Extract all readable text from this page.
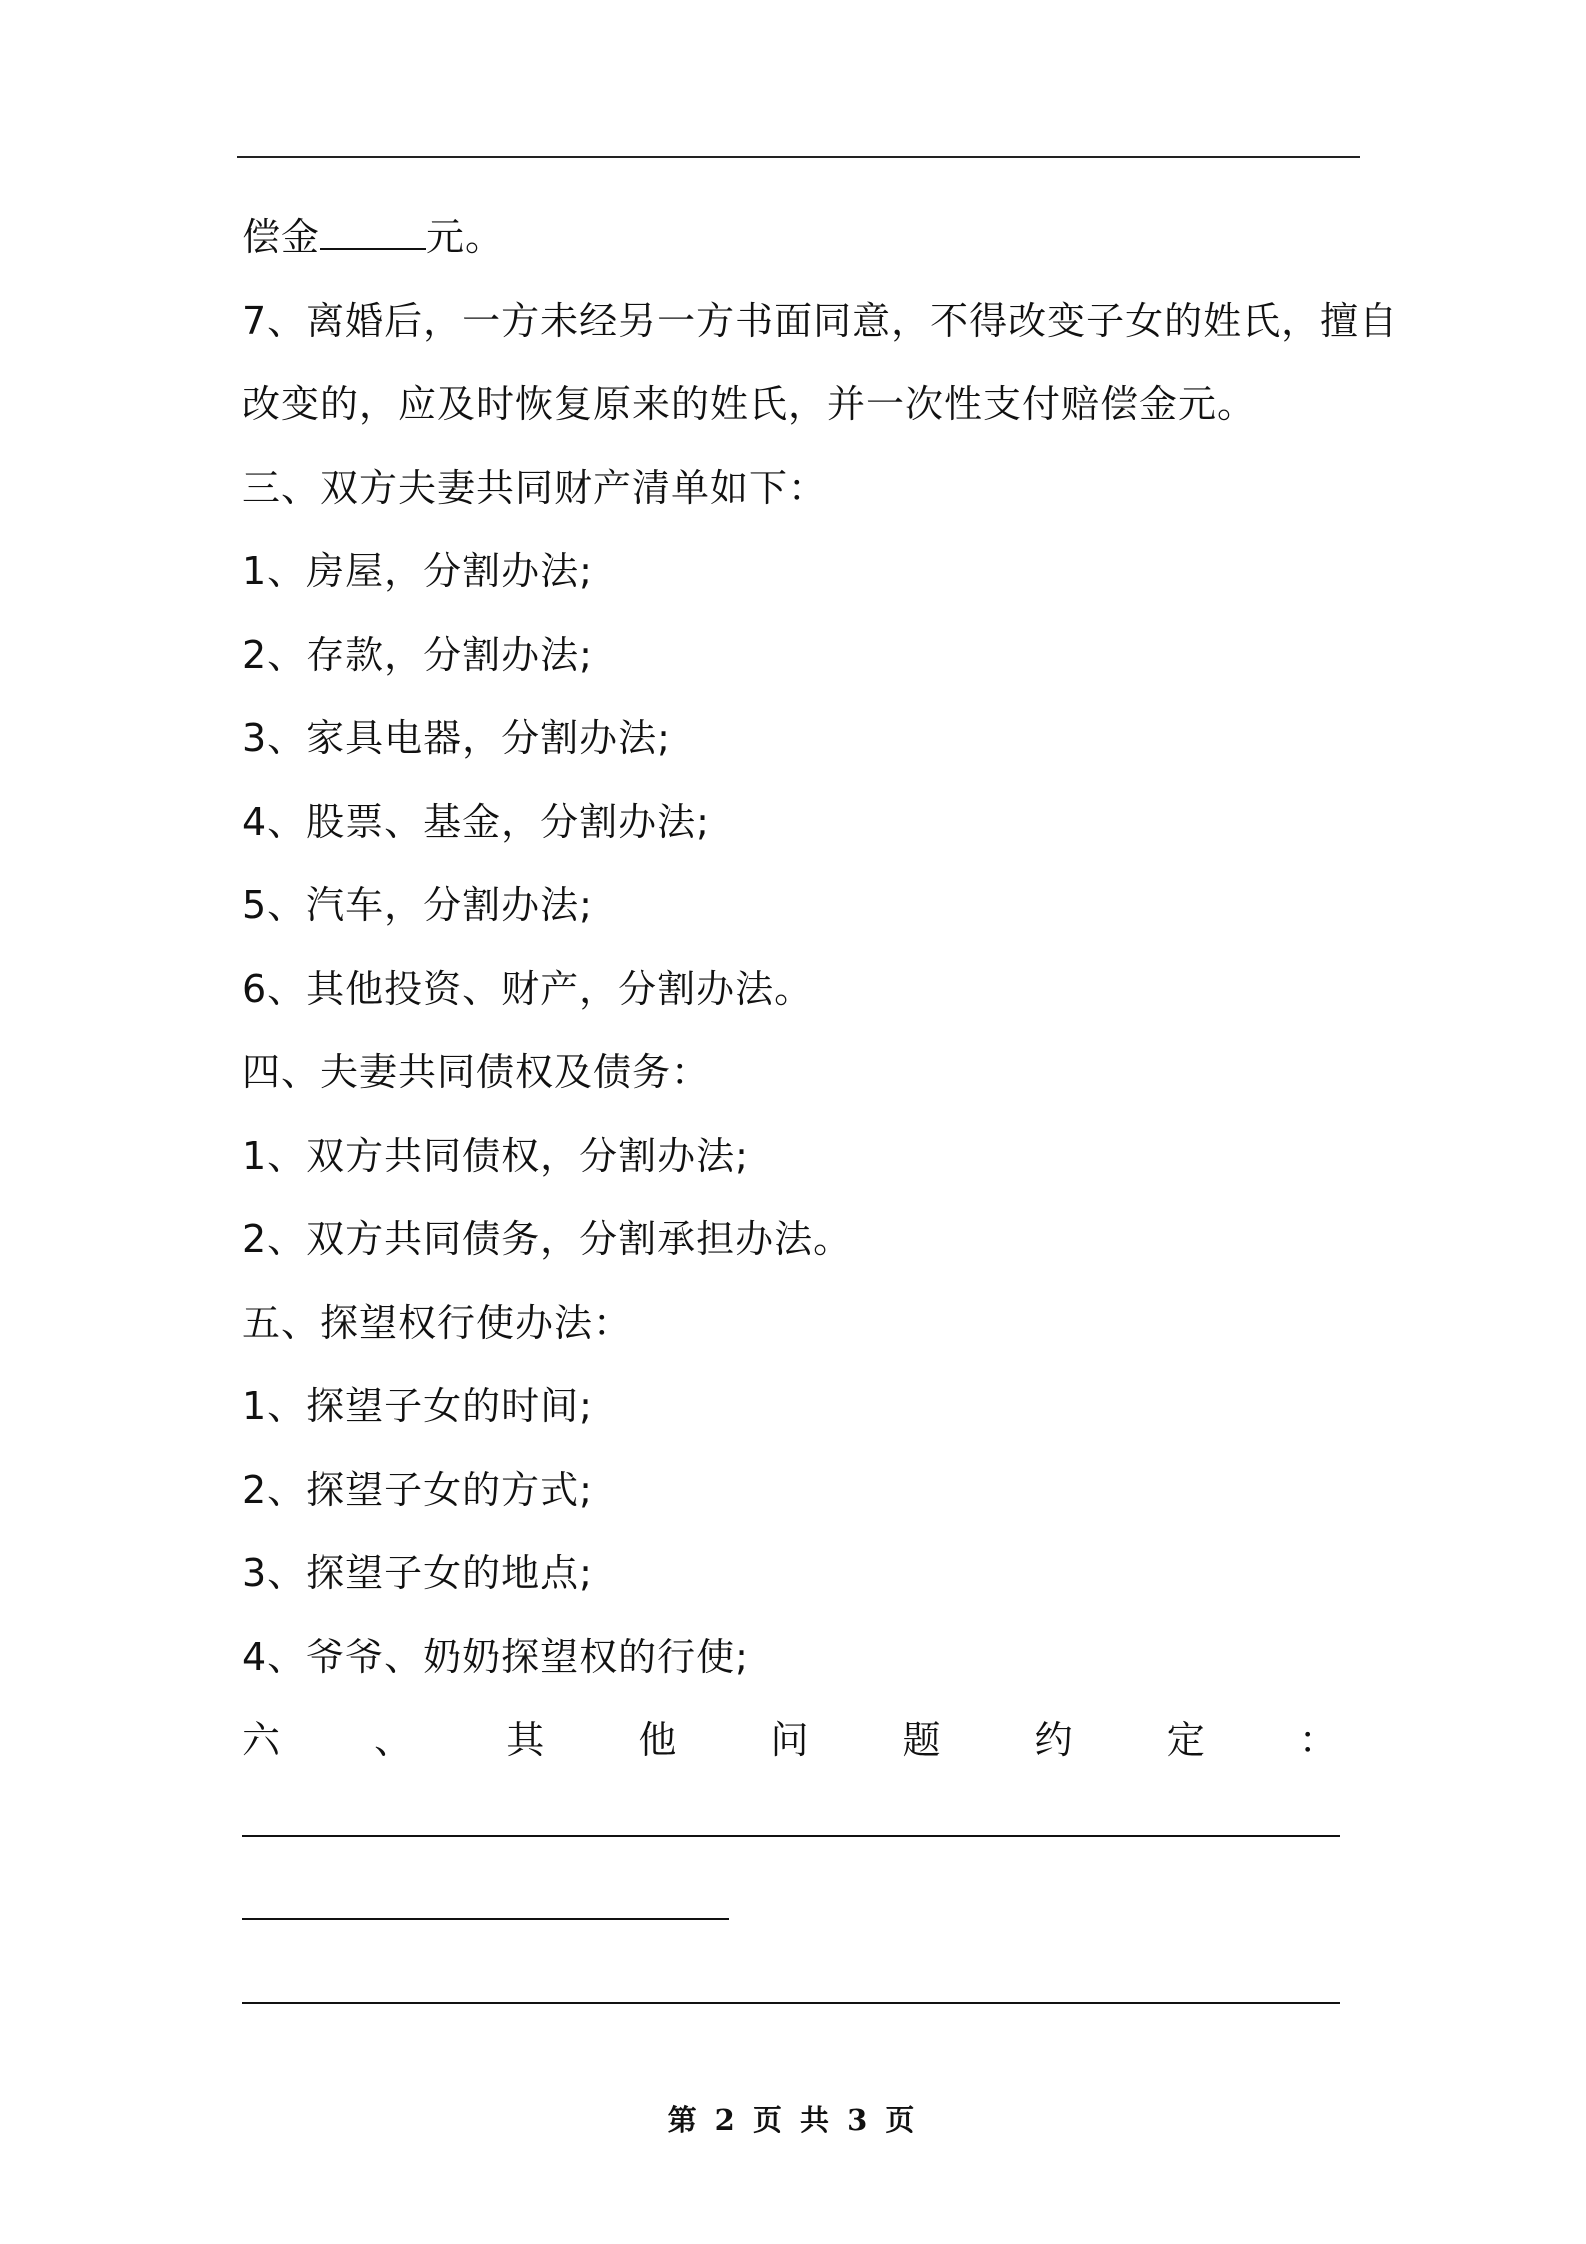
偿金	元。
7、离婚后，一方未经另一方书面同意，不得改变子女的姓氏，擅自
改变的，应及时恢复原来的姓氏，并一次性支付赔偿金元。
三、双方夫妻共同财产清单如下：
1、房屋，分割办法;
2、存款，分割办法;
3、家具电器，分割办法;
4、股票、基金，分割办法;
5、汽车，分割办法;
6、其他投资、财产，分割办法。
四、夫妻共同债权及债务：
1、双方共同债权，分割办法;
2、双方共同债务，分割承担办法。
五、探望权行使办法：
1、探望子女的时间;
2、探望子女的方式;
3、探望子女的地点;
4、爷爷、奶奶探望权的行使;
六 、 其 他 问 题 约 定 ：
第 2 页 共 3 页
